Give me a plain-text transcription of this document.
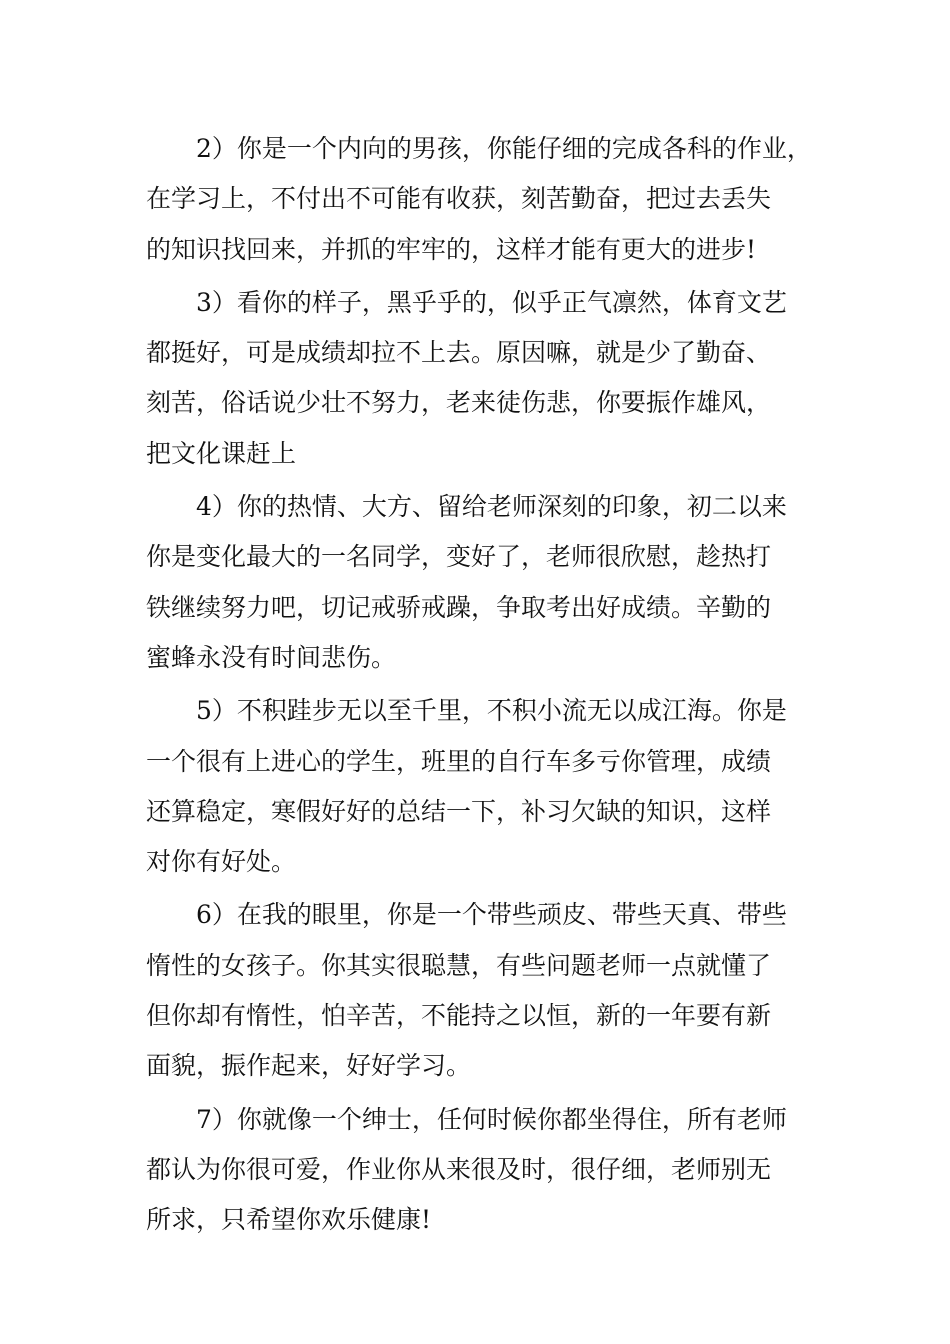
2）你是一个内向的男孩，你能仔细的完成各科的作业，
在学习上，不付出不可能有收获，刻苦勤奋，把过去丢失
的知识找回来，并抓的牢牢的，这样才能有更大的进步!
3）看你的样子，黑乎乎的，似乎正气凛然，体育文艺
都挺好，可是成绩却拉不上去。原因嘛，就是少了勤奋、
刻苦，俗话说少壮不努力，老来徒伤悲，你要振作雄风，
把文化课赶上
4）你的热情、大方、留给老师深刻的印象，初二以来
你是变化最大的一名同学，变好了，老师很欣慰，趁热打
铁继续努力吧，切记戒骄戒躁，争取考出好成绩。辛勤的
蜜蜂永没有时间悲伤。
5）不积跬步无以至千里，不积小流无以成江海。你是
一个很有上进心的学生，班里的自行车多亏你管理，成绩
还算稳定，寒假好好的总结一下，补习欠缺的知识，这样
对你有好处。
6）在我的眼里，你是一个带些顽皮、带些天真、带些
惰性的女孩子。你其实很聪慧，有些问题老师一点就懂了
但你却有惰性，怕辛苦，不能持之以恒，新的一年要有新
面貌，振作起来，好好学习。
7）你就像一个绅士，任何时候你都坐得住，所有老师
都认为你很可爱，作业你从来很及时，很仔细，老师别无
所求，只希望你欢乐健康!
